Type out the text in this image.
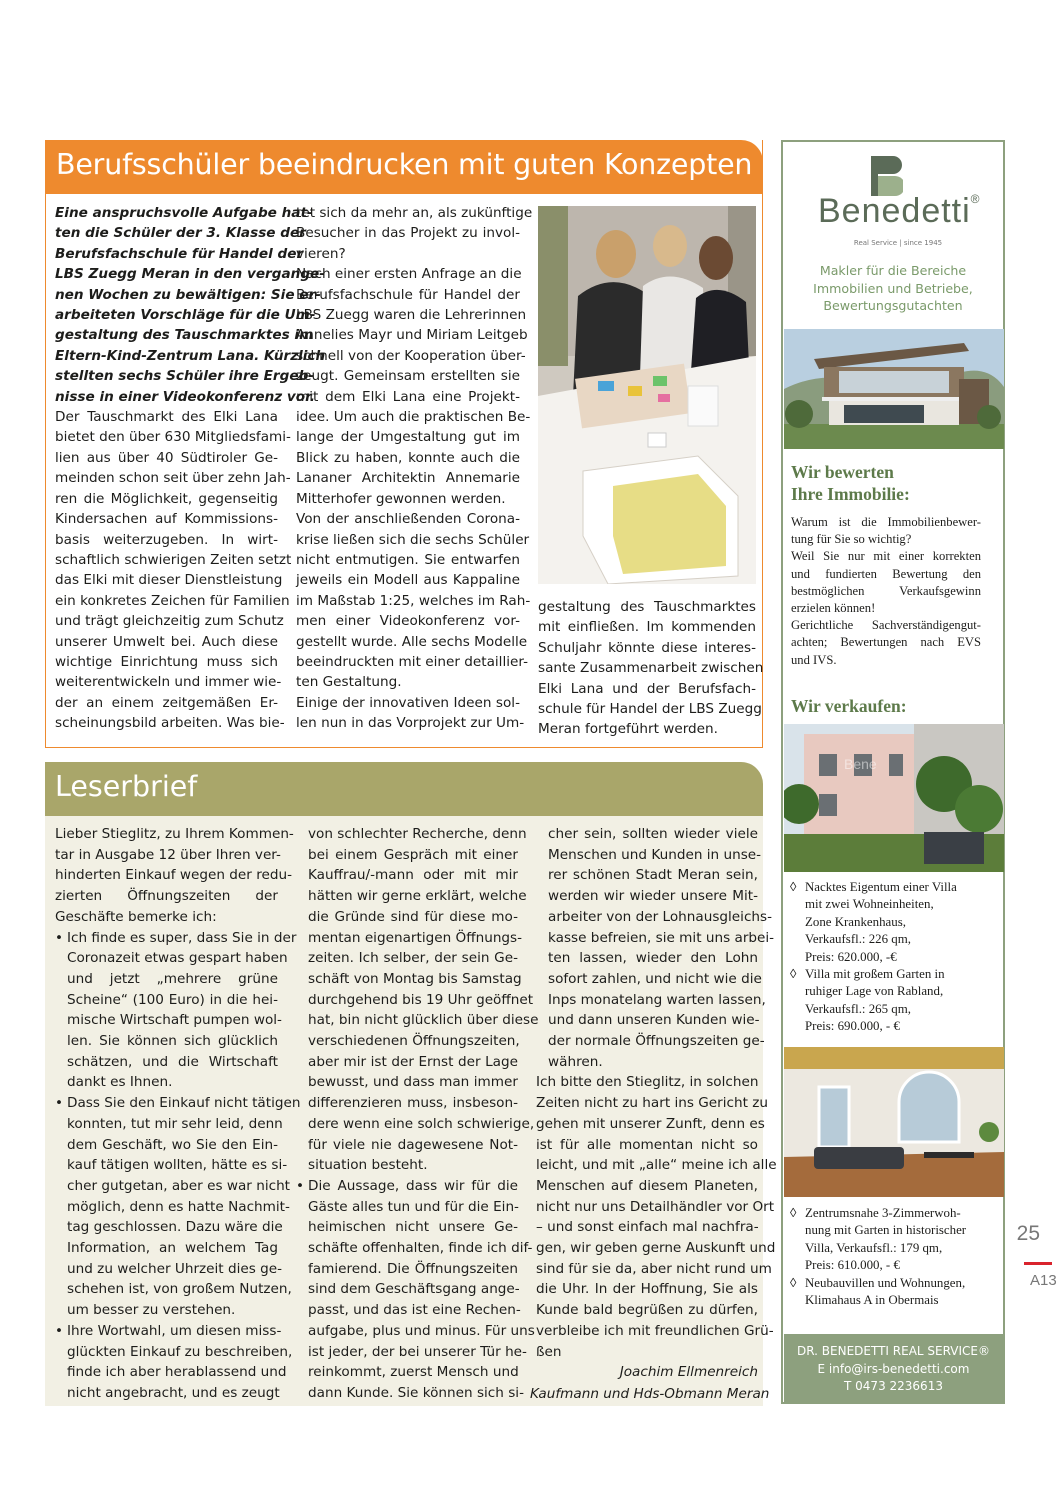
Berufsschüler beeindrucken mit guten Konzepten
Eine anspruchsvolle Aufgabe hat-
ten die Schüler der 3. Klasse der
Berufsfachschule für Handel der
LBS Zuegg Meran in den vergange-
nen Wochen zu bewältigen: Sie er-
arbeiteten Vorschläge für die Um-
gestaltung des Tauschmarktes im
Eltern-Kind-Zentrum Lana. Kürzlich
stellten sechs Schüler ihre Ergeb-
nisse in einer Videokonferenz vor.
Der Tauschmarkt des Elki Lana
bietet den über 630 Mitgliedsfami-
lien aus über 40 Südtiroler Ge-
meinden schon seit über zehn Jah-
ren die Möglichkeit, gegenseitig
Kindersachen auf Kommissions-
basis weiterzugeben. In wirt-
schaftlich schwierigen Zeiten setzt
das Elki mit dieser Dienstleistung
ein konkretes Zeichen für Familien
und trägt gleichzeitig zum Schutz
unserer Umwelt bei. Auch diese
wichtige Einrichtung muss sich
weiterentwickeln und immer wie-
der an einem zeitgemäßen Er-
scheinungsbild arbeiten. Was bie-
tet sich da mehr an, als zukünftige
Besucher in das Projekt zu invol-
vieren?
Nach einer ersten Anfrage an die
Berufsfachschule für Handel der
LBS Zuegg waren die Lehrerinnen
Annelies Mayr und Miriam Leitgeb
schnell von der Kooperation über-
zeugt. Gemeinsam erstellten sie
mit dem Elki Lana eine Projekt-
idee. Um auch die praktischen Be-
lange der Umgestaltung gut im
Blick zu haben, konnte auch die
Lananer Architektin Annemarie
Mitterhofer gewonnen werden.
Von der anschließenden Corona-
krise ließen sich die sechs Schüler
nicht entmutigen. Sie entwarfen
jeweils ein Modell aus Kappaline
im Maßstab 1:25, welches im Rah-
men einer Videokonferenz vor-
gestellt wurde. Alle sechs Modelle
beeindruckten mit einer detaillier-
ten Gestaltung.
Einige der innovativen Ideen sol-
len nun in das Vorprojekt zur Um-
gestaltung des Tauschmarktes
mit einfließen. Im kommenden
Schuljahr könnte diese interes-
sante Zusammenarbeit zwischen
Elki Lana und der Berufsfach-
schule für Handel der LBS Zuegg
Meran fortgeführt werden.
Leserbrief
Lieber Stieglitz, zu Ihrem Kommen-
tar in Ausgabe 12 über Ihren ver-
hinderten Einkauf wegen der redu-
zierten Öffnungszeiten der
Geschäfte bemerke ich:
Ich finde es super, dass Sie in der
•
Coronazeit etwas gespart haben
und jetzt „mehrere grüne
Scheine“ (100 Euro) in die hei-
mische Wirtschaft pumpen wol-
len. Sie können sich glücklich
schätzen, und die Wirtschaft
dankt es Ihnen.
Dass Sie den Einkauf nicht tätigen
•
konnten, tut mir sehr leid, denn
dem Geschäft, wo Sie den Ein-
kauf tätigen wollten, hätte es si-
cher gutgetan, aber es war nicht
möglich, denn es hatte Nachmit-
tag geschlossen. Dazu wäre die
Information, an welchem Tag
und zu welcher Uhrzeit dies ge-
schehen ist, von großem Nutzen,
um besser zu verstehen.
Ihre Wortwahl, um diesen miss-
•
glückten Einkauf zu beschreiben,
finde ich aber herablassend und
nicht angebracht, und es zeugt
von schlechter Recherche, denn
bei einem Gespräch mit einer
Kauffrau/-mann oder mit mir
hätten wir gerne erklärt, welche
die Gründe sind für diese mo-
mentan eigenartigen Öffnungs-
zeiten. Ich selber, der sein Ge-
schäft von Montag bis Samstag
durchgehend bis 19 Uhr geöffnet
hat, bin nicht glücklich über diese
verschiedenen Öffnungszeiten,
aber mir ist der Ernst der Lage
bewusst, und dass man immer
differenzieren muss, insbeson-
dere wenn eine solch schwierige,
für viele nie dagewesene Not-
situation besteht.
Die Aussage, dass wir für die
•
Gäste alles tun und für die Ein-
heimischen nicht unsere Ge-
schäfte offenhalten, finde ich dif-
famierend. Die Öffnungszeiten
sind dem Geschäftsgang ange-
passt, und das ist eine Rechen-
aufgabe, plus und minus. Für uns
ist jeder, der bei unserer Tür he-
reinkommt, zuerst Mensch und
dann Kunde. Sie können sich si-
cher sein, sollten wieder viele
Menschen und Kunden in unse-
rer schönen Stadt Meran sein,
werden wir wieder unsere Mit-
arbeiter von der Lohnausgleichs-
kasse befreien, sie mit uns arbei-
ten lassen, wieder den Lohn
sofort zahlen, und nicht wie die
Inps monatelang warten lassen,
und dann unseren Kunden wie-
der normale Öffnungszeiten ge-
währen.
Ich bitte den Stieglitz, in solchen
Zeiten nicht zu hart ins Gericht zu
gehen mit unserer Zunft, denn es
ist für alle momentan nicht so
leicht, und mit „alle“ meine ich alle
Menschen auf diesem Planeten,
nicht nur uns Detailhändler vor Ort
– und sonst einfach mal nachfra-
gen, wir geben gerne Auskunft und
sind für sie da, aber nicht rund um
die Uhr. In der Hoffnung, Sie als
Kunde bald begrüßen zu dürfen,
verbleibe ich mit freundlichen Grü-
ßen
Joachim Ellmenreich
Kaufmann und Hds-Obmann Meran
Benedetti®
Real Service | since 1945
Makler für die Bereiche
Immobilien und Betriebe,
Bewertungsgutachten
Wir bewerten
Ihre Immobilie:
Warum ist die Immobilienbewer-
tung für Sie so wichtig?
Weil Sie nur mit einer korrekten
und fundierten Bewertung den
bestmöglichen Verkaufsgewinn
erzielen können!
Gerichtliche Sachverständigengut-
achten; Bewertungen nach EVS
und IVS.
Wir verkaufen:
Bene
◊ Nacktes Eigentum einer Villa
mit zwei Wohneinheiten,
Zone Krankenhaus,
Verkaufsfl.: 226 qm,
Preis: 620.000, -€
◊ Villa mit großem Garten in
ruhiger Lage von Rabland,
Verkaufsfl.: 265 qm,
Preis: 690.000, - €
◊ Zentrumsnahe 3-Zimmerwoh-
nung mit Garten in historischer
Villa, Verkaufsfl.: 179 qm,
Preis: 610.000, - €
◊ Neubauvillen und Wohnungen,
Klimahaus A in Obermais
DR. BENEDETTI REAL SERVICE®
E info@irs-benedetti.com
T 0473 2236613
25
A13
